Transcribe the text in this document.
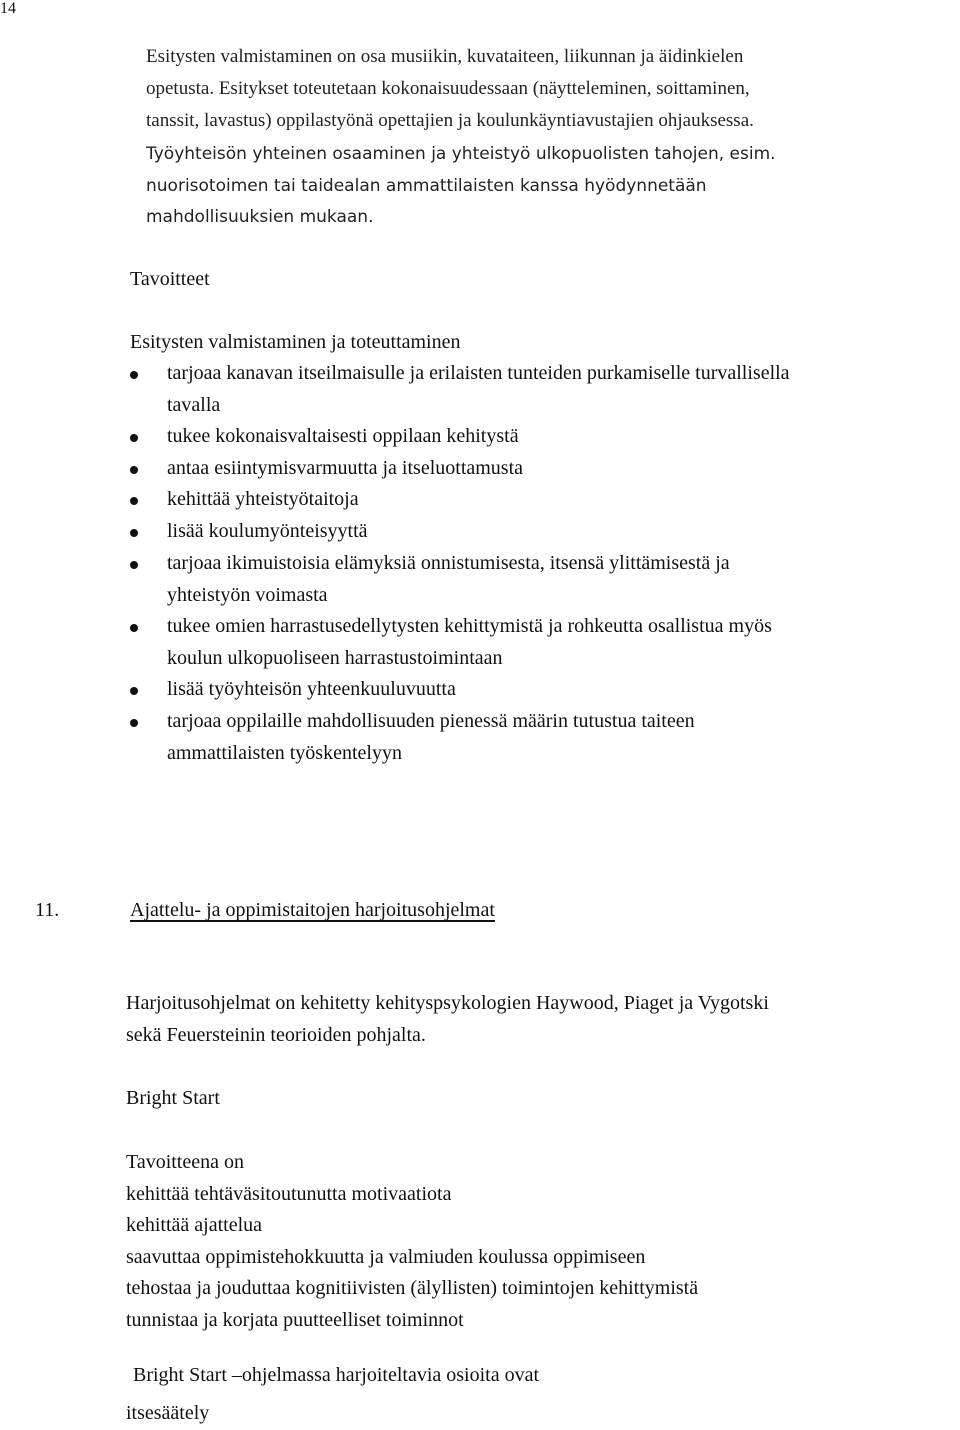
14

Esitysten valmistaminen on osa musiikin, kuvataiteen, liikunnan ja äidinkielen

opetusta. Esitykset toteutetaan kokonaisuudessaan (näytteleminen, soittaminen,

tanssit, lavastus) oppilastyönä opettajien ja koulunkäyntiavustajien ohjauksessa.

Työyhteisön yhteinen osaaminen ja yhteistyö ulkopuolisten tahojen, esim.

nuorisotoimen tai taidealan ammattilaisten kanssa hyödynnetään

mahdollisuuksien mukaan.

Tavoitteet

Esitysten valmistaminen ja toteuttaminen

tarjoaa kanavan itseilmaisulle ja erilaisten tunteiden purkamiselle turvallisella

tavalla

tukee kokonaisvaltaisesti oppilaan kehitystä

antaa esiintymisvarmuutta ja itseluottamusta

kehittää yhteistyötaitoja

lisää koulumyönteisyyttä

tarjoaa ikimuistoisia elämyksiä onnistumisesta, itsensä ylittämisestä ja

yhteistyön voimasta

tukee omien harrastusedellytysten kehittymistä ja rohkeutta osallistua myös

koulun ulkopuoliseen harrastustoimintaan

lisää työyhteisön yhteenkuuluvuutta

tarjoaa oppilaille mahdollisuuden pienessä määrin tutustua taiteen

ammattilaisten työskentelyyn

11.	Ajattelu- ja oppimistaitojen harjoitusohjelmat

Harjoitusohjelmat on kehitetty kehityspsykologien Haywood, Piaget ja Vygotski

sekä Feuersteinin teorioiden pohjalta.

Bright Start

Tavoitteena on

kehittää tehtäväsitoutunutta motivaatiota

kehittää ajattelua

saavuttaa oppimistehokkuutta ja valmiuden koulussa oppimiseen

tehostaa ja jouduttaa kognitiivisten (älyllisten) toimintojen kehittymistä

tunnistaa ja korjata puutteelliset toiminnot

Bright Start –ohjelmassa harjoiteltavia osioita ovat

itsesäätely
